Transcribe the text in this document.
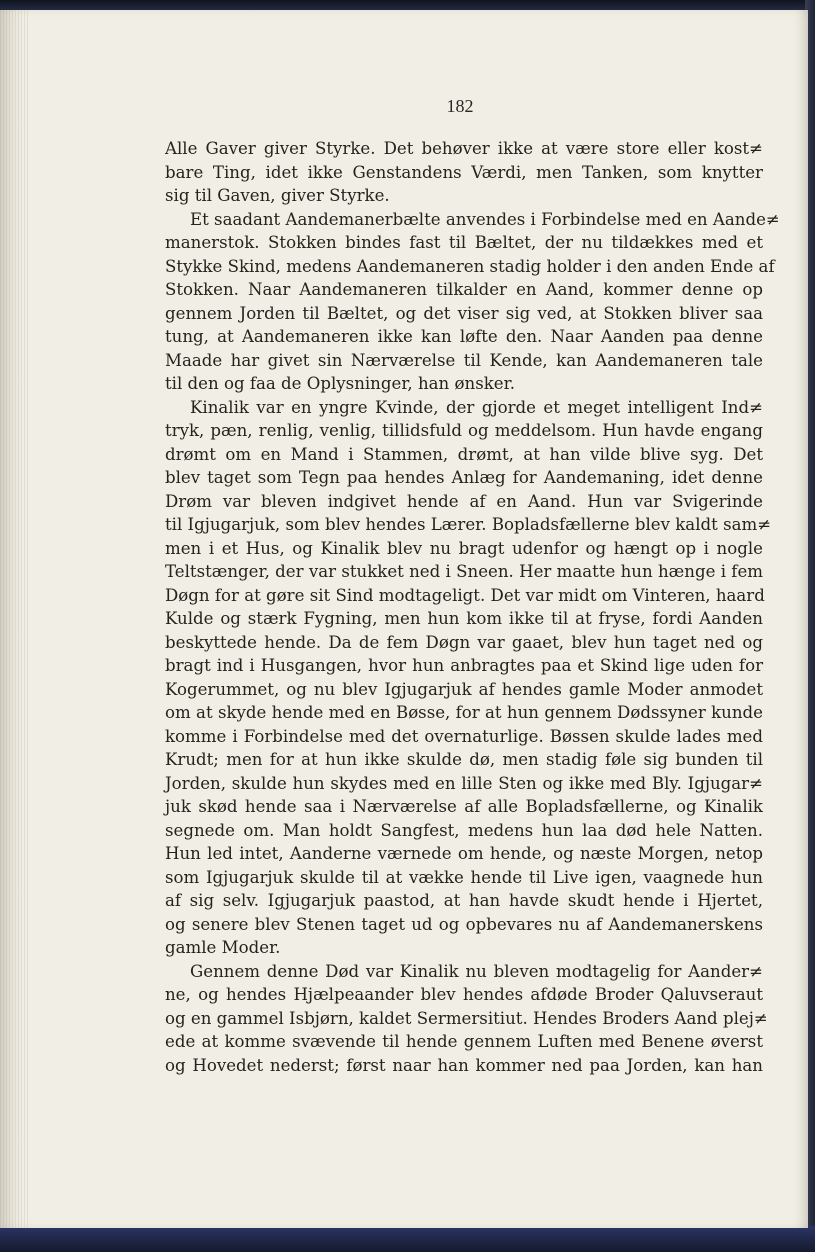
182
Alle Gaver giver Styrke. Det behøver ikke at være store eller kost≠
bare Ting, idet ikke Genstandens Værdi, men Tanken, som knytter
sig til Gaven, giver Styrke.
Et saadant Aandemanerbælte anvendes i Forbindelse med en Aande≠
manerstok. Stokken bindes fast til Bæltet, der nu tildækkes med et
Stykke Skind, medens Aandemaneren stadig holder i den anden Ende af
Stokken. Naar Aandemaneren tilkalder en Aand, kommer denne op
gennem Jorden til Bæltet, og det viser sig ved, at Stokken bliver saa
tung, at Aandemaneren ikke kan løfte den. Naar Aanden paa denne
Maade har givet sin Nærværelse til Kende, kan Aandemaneren tale
til den og faa de Oplysninger, han ønsker.
Kinalik var en yngre Kvinde, der gjorde et meget intelligent Ind≠
tryk, pæn, renlig, venlig, tillidsfuld og meddelsom. Hun havde engang
drømt om en Mand i Stammen, drømt, at han vilde blive syg. Det
blev taget som Tegn paa hendes Anlæg for Aandemaning, idet denne
Drøm var bleven indgivet hende af en Aand. Hun var Svigerinde
til Igjugarjuk, som blev hendes Lærer. Bopladsfællerne blev kaldt sam≠
men i et Hus, og Kinalik blev nu bragt udenfor og hængt op i nogle
Teltstænger, der var stukket ned i Sneen. Her maatte hun hænge i fem
Døgn for at gøre sit Sind modtageligt. Det var midt om Vinteren, haard
Kulde og stærk Fygning, men hun kom ikke til at fryse, fordi Aanden
beskyttede hende. Da de fem Døgn var gaaet, blev hun taget ned og
bragt ind i Husgangen, hvor hun anbragtes paa et Skind lige uden for
Kogerummet, og nu blev Igjugarjuk af hendes gamle Moder anmodet
om at skyde hende med en Bøsse, for at hun gennem Dødssyner kunde
komme i Forbindelse med det overnaturlige. Bøssen skulde lades med
Krudt; men for at hun ikke skulde dø, men stadig føle sig bunden til
Jorden, skulde hun skydes med en lille Sten og ikke med Bly. Igjugar≠
juk skød hende saa i Nærværelse af alle Bopladsfællerne, og Kinalik
segnede om. Man holdt Sangfest, medens hun laa død hele Natten.
Hun led intet, Aanderne værnede om hende, og næste Morgen, netop
som Igjugarjuk skulde til at vække hende til Live igen, vaagnede hun
af sig selv. Igjugarjuk paastod, at han havde skudt hende i Hjertet,
og senere blev Stenen taget ud og opbevares nu af Aandemanerskens
gamle Moder.
Gennem denne Død var Kinalik nu bleven modtagelig for Aander≠
ne, og hendes Hjælpeaander blev hendes afdøde Broder Qaluvseraut
og en gammel Isbjørn, kaldet Sermersitiut. Hendes Broders Aand plej≠
ede at komme svævende til hende gennem Luften med Benene øverst
og Hovedet nederst; først naar han kommer ned paa Jorden, kan han
